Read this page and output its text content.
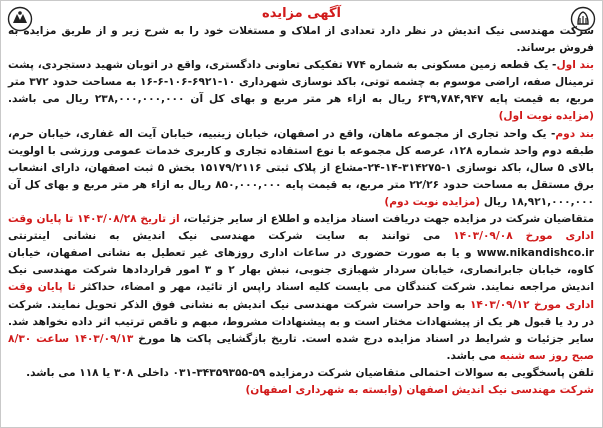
آگهی مزایده

شرکت مهندسی نیک اندیش در نظر دارد تعدادی از املاک و مستغلات خود را به شرح زیر و از طریق مزایده به فروش برساند.

بند اول- یک قطعه زمین مسکونی به شماره ۷۷۴ تفکیکی تعاونی دادگستری، واقع در اتوبان شهید دستجردی، پشت ترمینال صفه، اراضی موسوم به چشمه توتی، باکد نوسازی شهرداری ۱۰-۶۹۲۱-۱۰۶-۶-۱۶ به مساحت حدود ۳۷۲ متر مربع، به قیمت پایه ۶۳۹,۷۸۴,۹۴۷ ریال به ازاء هر متر مربع و بهای کل آن ۲۳۸,۰۰۰,۰۰۰,۰۰۰ ریال می باشد. (مزایده نوبت اول)

بند دوم- یک واحد تجاری از مجموعه ماهان، واقع در اصفهان، خیابان زینبیه، خیابان آیت اله غفاری، خیابان حرم، طبقه دوم واحد شماره ۱۲۸، عرصه کل مجموعه با نوع استفاده تجاری و کاربری خدمات عمومی ورزشی با اولویت بالای ۵ سال، باکد نوسازی ۱-۳۱۴۲۷۵-۱۴-۲۴-مشاع از پلاک ثبتی ۱۵۱۷۹/۲۱۱۶ بخش ۵ ثبت اصفهان، دارای انشعاب برق مستقل به مساحت حدود ۲۲/۲۶ متر مربع، به قیمت پایه ۸۵۰,۰۰۰,۰۰۰ ریال به ازاء هر متر مربع و بهای کل آن ۱۸,۹۲۱,۰۰۰,۰۰۰ ریال (مزایده نوبت دوم)

متقاضیان شرکت در مزایده جهت دریافت اسناد مزایده و اطلاع از سایر جزئیات، از تاریخ ۱۴۰۳/۰۸/۲۸ تا پایان وقت اداری مورخ ۱۴۰۳/۰۹/۰۸ می توانند به سایت شرکت مهندسی نیک اندیش به نشانی اینترنتی www.nikandishco.ir و یا به صورت حضوری در ساعات اداری روزهای غیر تعطیل به نشانی اصفهان، خیابان کاوه، خیابان جابرانصاری، خیابان سردار شهبازی جنوبی، نبش بهار ۲ و ۳ امور قراردادها شرکت مهندسی نیک اندیش مراجعه نمایند. شرکت کنندگان می بایست کلیه اسناد راپس از تائید، مهر و امضاء، حداکثر تا پایان وقت اداری مورخ ۱۴۰۳/۰۹/۱۲ به واحد حراست شرکت مهندسی نیک اندیش به نشانی فوق الذکر تحویل نمایند. شرکت در رد یا قبول هر یک از پیشنهادات مختار است و به پیشنهادات مشروط، مبهم و ناقص ترتیب اثر داده نخواهد شد. سایر جزئیات و شرایط در اسناد مزایده درج شده است. تاریخ بازگشایی پاکت ها مورخ ۱۴۰۳/۰۹/۱۳ ساعت ۸/۳۰ صبح روز سه شنبه می باشد.

تلفن پاسخگویی به سوالات احتمالی متقاضیان شرکت درمزایده ۵۹-۳۴۳۵۹۳۵۵-۰۳۱ داخلی ۳۰۸ یا ۱۱۸ می باشد.

شرکت مهندسی نیک اندیش اصفهان (وابسته به شهرداری اصفهان)
